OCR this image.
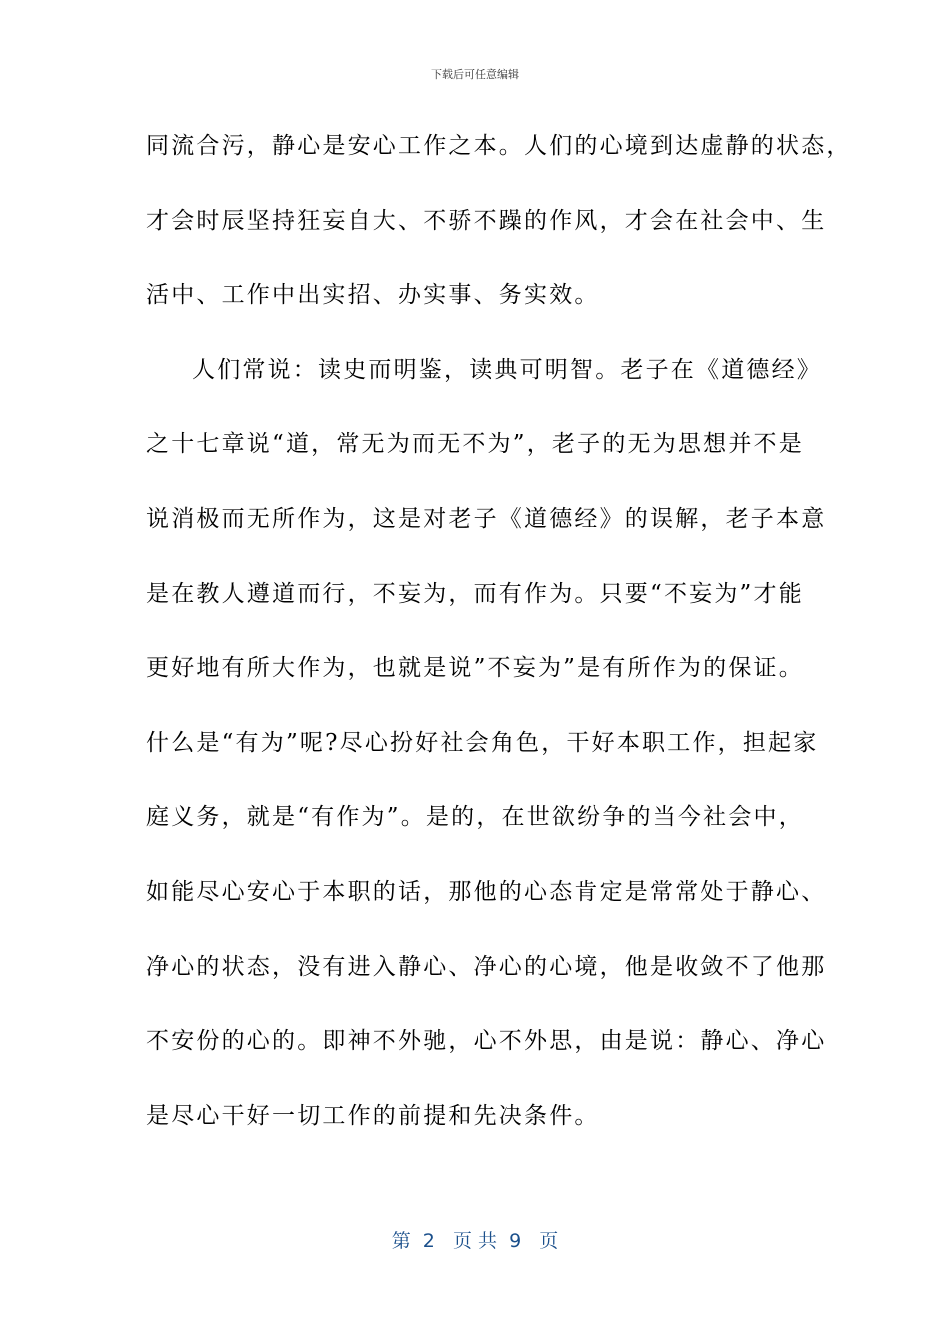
下载后可任意编辑
同流合污，静心是安心工作之本。人们的心境到达虚静的状态，
才会时辰坚持狂妄自大、不骄不躁的作风，才会在社会中、生
活中、工作中出实招、办实事、务实效。
人们常说：读史而明鉴，读典可明智。老子在《道德经》
之十七章说“道，常无为而无不为”，老子的无为思想并不是
说消极而无所作为，这是对老子《道德经》的误解，老子本意
是在教人遵道而行，不妄为，而有作为。只要“不妄为”才能
更好地有所大作为，也就是说”不妄为”是有所作为的保证。
什么是“有为”呢?尽心扮好社会角色，干好本职工作，担起家
庭义务，就是“有作为”。是的，在世欲纷争的当今社会中，
如能尽心安心于本职的话，那他的心态肯定是常常处于静心、
净心的状态，没有进入静心、净心的心境，他是收敛不了他那
不安份的心的。即神不外驰，心不外思，由是说：静心、净心
是尽心干好一切工作的前提和先决条件。
第  2   页 共  9   页
